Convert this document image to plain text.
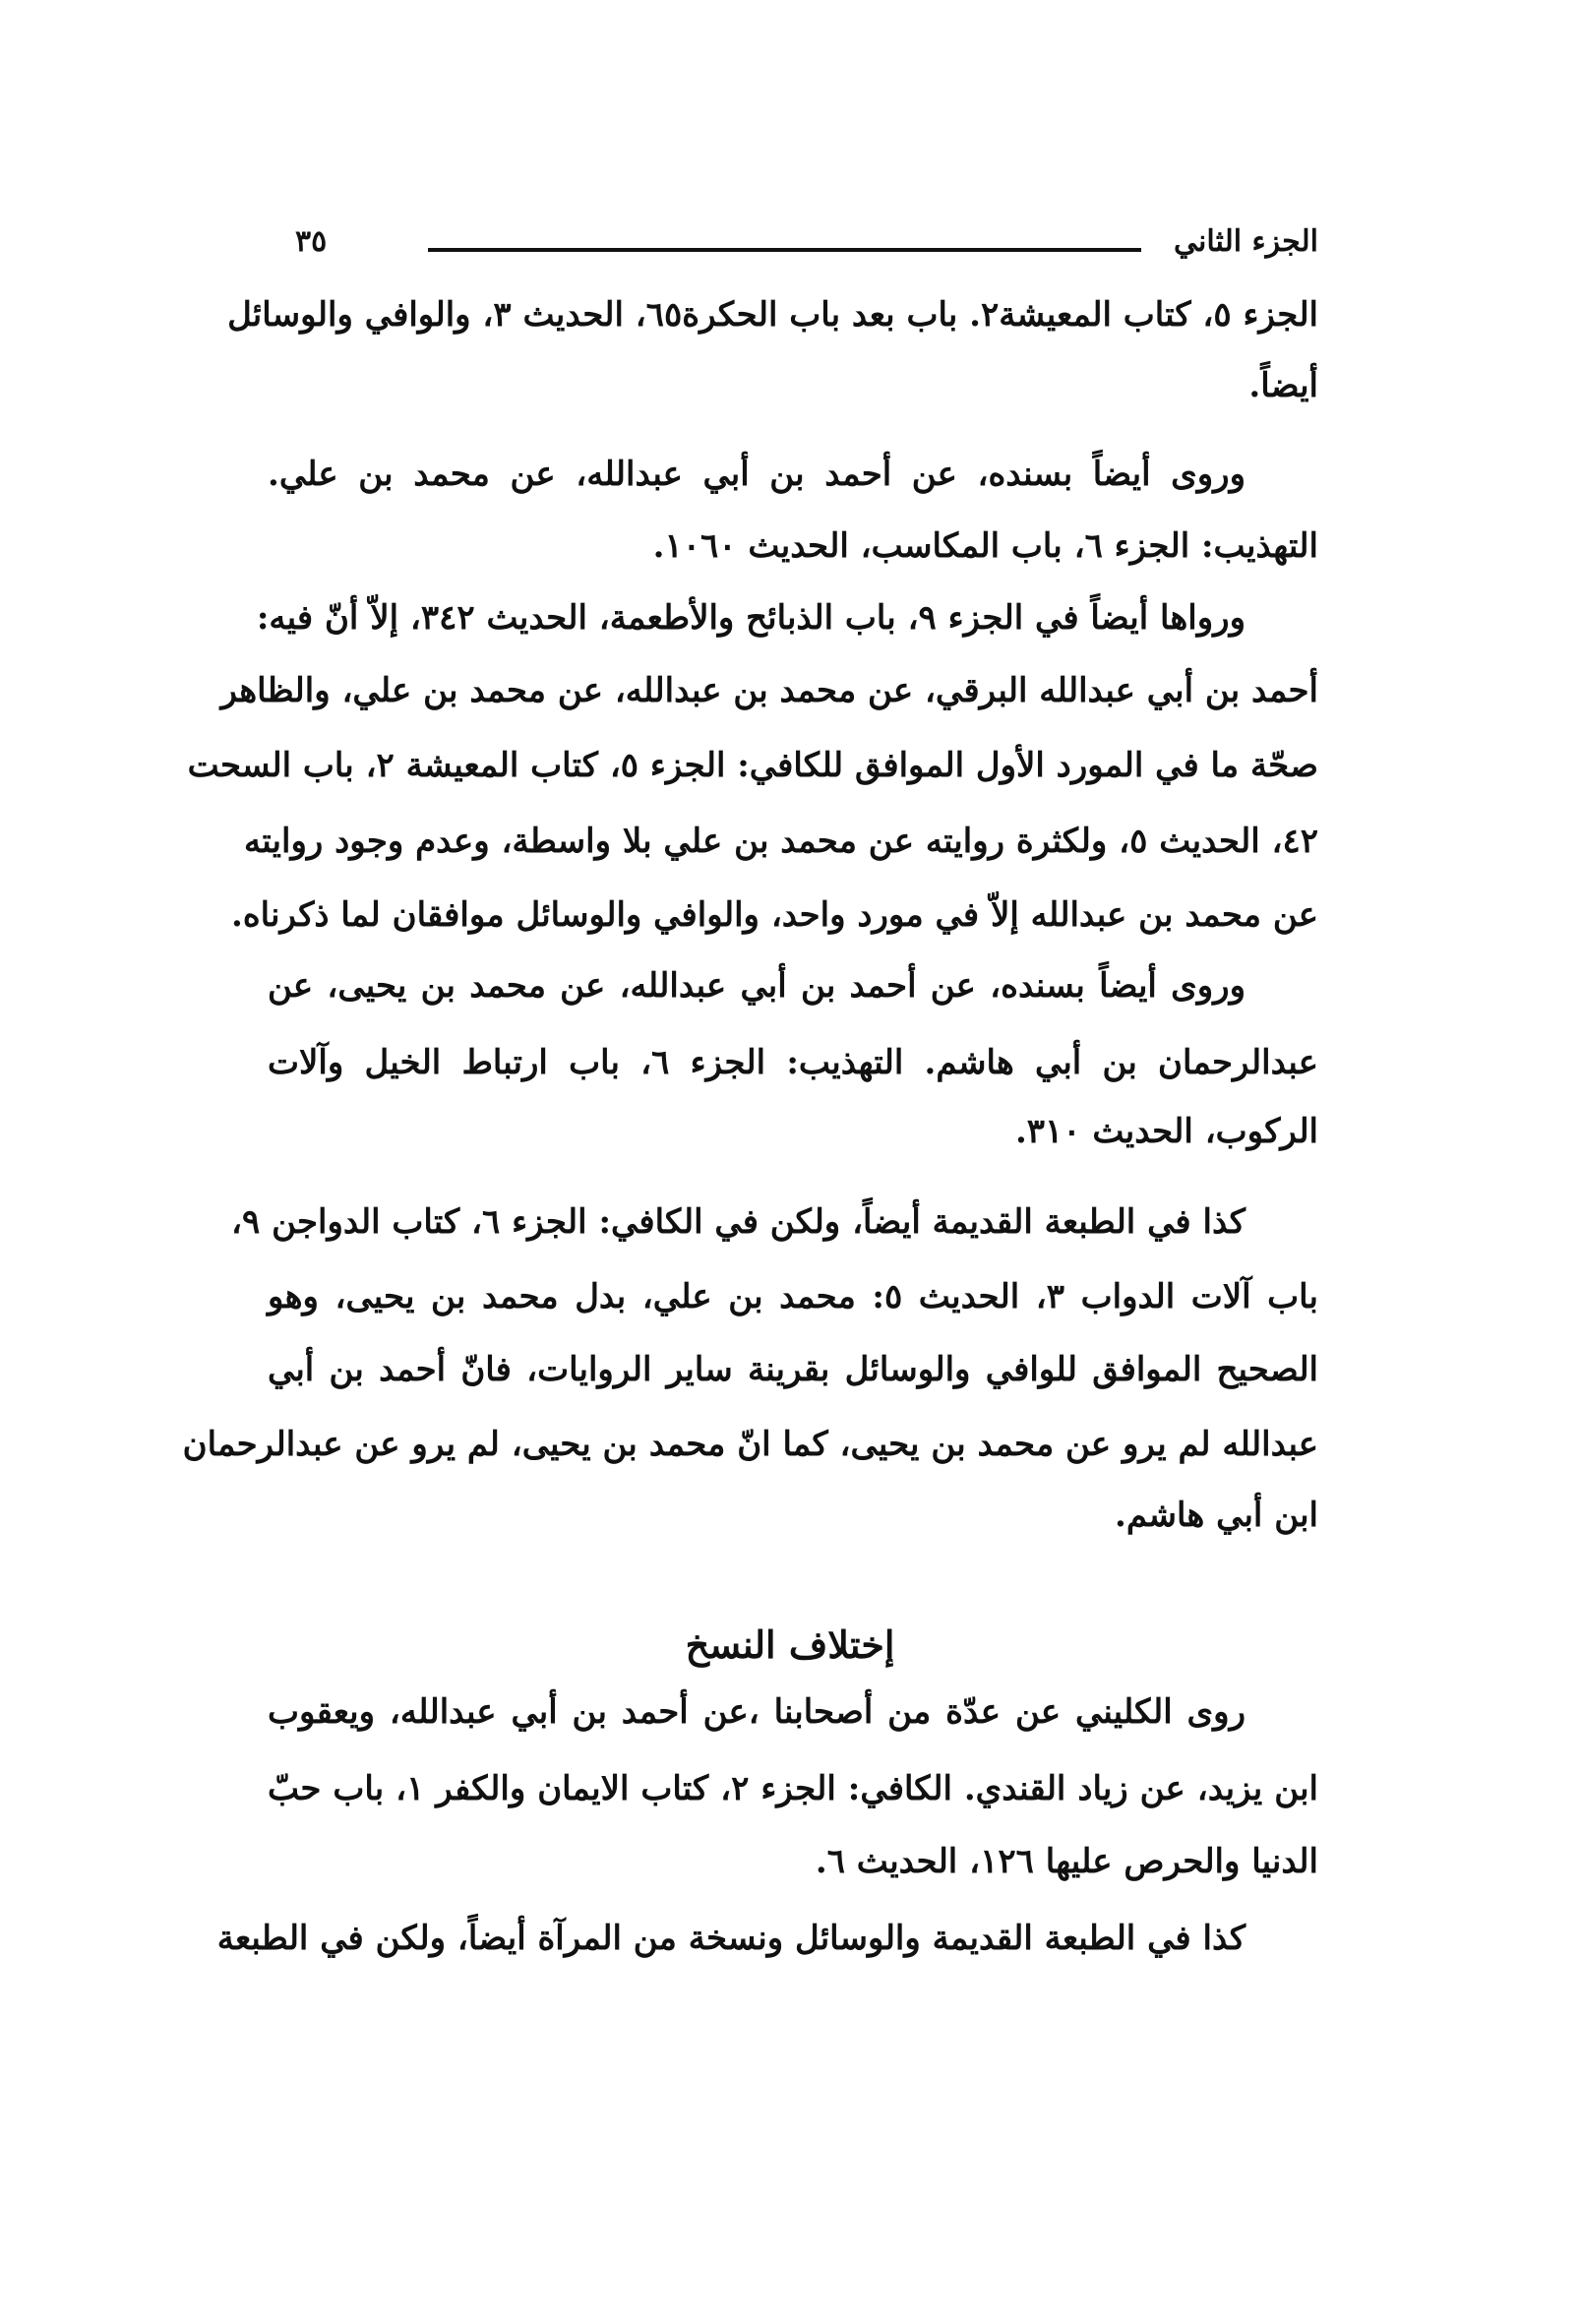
الجزء الثاني
٣٥
الجزء ٥، كتاب المعيشة٢. باب بعد باب الحكرة٦٥، الحديث ٣، والوافي والوسائل
أيضاً.
وروى أيضاً بسنده، عن أحمد بن أبي عبدالله، عن محمد بن علي.
التهذيب: الجزء ٦، باب المكاسب، الحديث ١٠٦٠.
ورواها أيضاً في الجزء ٩، باب الذبائح والأطعمة، الحديث ٣٤٢، إلاّ أنّ فيه:
أحمد بن أبي عبدالله البرقي، عن محمد بن عبدالله، عن محمد بن علي، والظاهر
صحّة ما في المورد الأول الموافق للكافي: الجزء ٥، كتاب المعيشة ٢، باب السحت
٤٢، الحديث ٥، ولكثرة روايته عن محمد بن علي بلا واسطة، وعدم وجود روايته
عن محمد بن عبدالله إلاّ في مورد واحد، والوافي والوسائل موافقان لما ذكرناه.
وروى أيضاً بسنده، عن أحمد بن أبي عبدالله، عن محمد بن يحيى، عن
عبدالرحمان بن أبي هاشم. التهذيب: الجزء ٦، باب ارتباط الخيل وآلات
الركوب، الحديث ٣١٠.
كذا في الطبعة القديمة أيضاً، ولكن في الكافي: الجزء ٦، كتاب الدواجن ٩،
باب آلات الدواب ٣، الحديث ٥: محمد بن علي، بدل محمد بن يحيى، وهو
الصحيح الموافق للوافي والوسائل بقرينة ساير الروايات، فانّ أحمد بن أبي
عبدالله لم يرو عن محمد بن يحيى، كما انّ محمد بن يحيى، لم يرو عن عبدالرحمان
ابن أبي هاشم.
إختلاف النسخ
روى الكليني عن عدّة من أصحابنا ،عن أحمد بن أبي عبدالله، ويعقوب
ابن يزيد، عن زياد القندي. الكافي: الجزء ٢، كتاب الايمان والكفر ١، باب حبّ
الدنيا والحرص عليها ١٢٦، الحديث ٦.
كذا في الطبعة القديمة والوسائل ونسخة من المرآة أيضاً، ولكن في الطبعة
